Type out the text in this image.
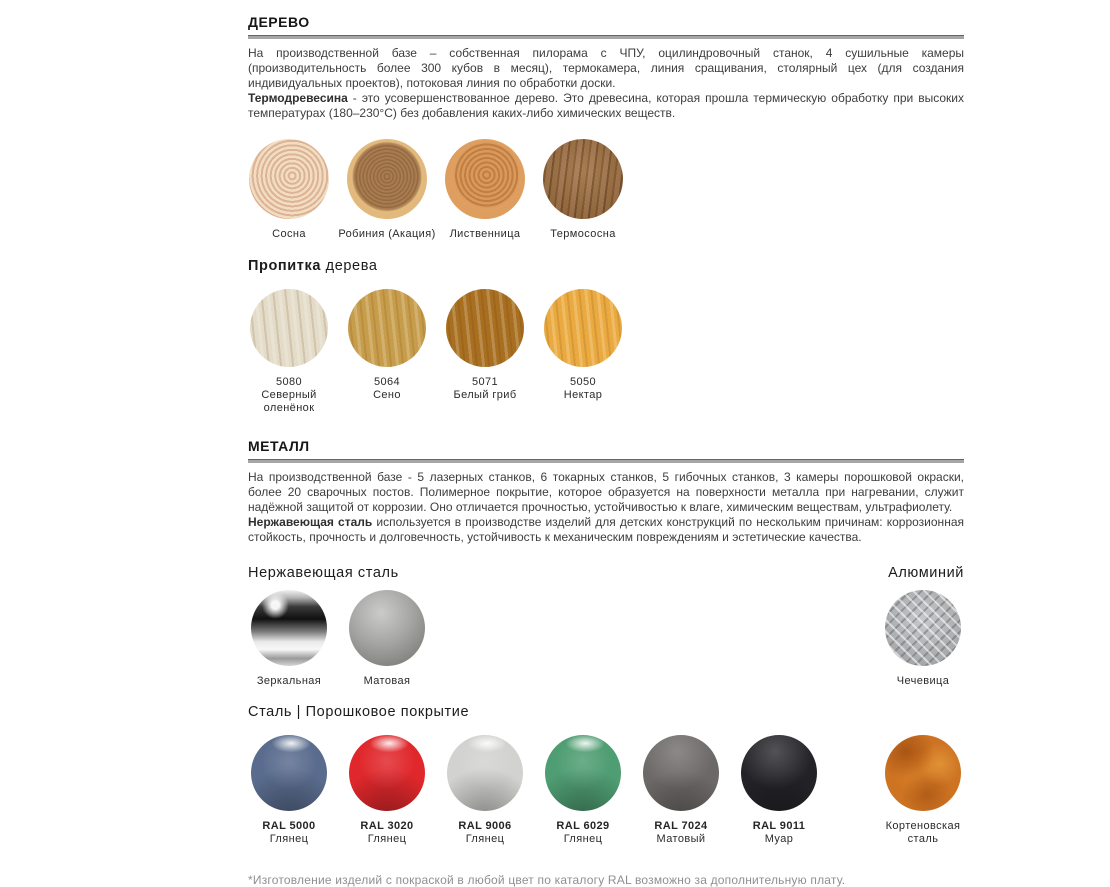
ДЕРЕВО

На производственной базе – собственная пилорама с ЧПУ, оцилиндровочный станок, 4 сушильные камеры (производительность более 300 кубов в месяц), термокамера, линия сращивания, столярный цех (для создания индивидуальных проектов), потоковая линия по обработки доски.

Термодревесина - это усовершенствованное дерево. Это древесина, которая прошла термическую обработку при высоких температурах (180–230°С) без добавления каких-либо химических веществ.

Сосна	Робиния (Акация) Лиственница	Термососна
Пропитка дерева
5080
Северный оленёнок
5064
Сено
5071
Белый гриб
5050
Нектар
МЕТАЛЛ

На производственной базе - 5 лазерных станков, 6 токарных станков, 5 гибочных станков, 3 камеры порошковой окраски, более 20 сварочных постов. Полимерное покрытие, которое образуется на поверхности металла при нагревании, служит надёжной защитой от коррозии. Оно отличается прочностью, устойчивостью к влаге, химическим веществам, ультрафиолету.

Нержавеющая сталь используется в производстве изделий для детских конструкций по нескольким причинам: коррозионная стойкость, прочность и долговечность, устойчивость к механическим повреждениям и эстетические качества.

Нержавеющая сталь	Алюминий
Зеркальная	Матовая	Чечевица
Сталь | Порошковое покрытие
RAL 5000
Глянец
RAL 3020
Глянец
RAL 9006
Глянец
RAL 6029
Глянец
RAL 7024
Матовый
RAL 9011
Муар
Кортеновская сталь
*Изготовление изделий с покраской в любой цвет по каталогу RAL возможно за дополнительную плату.
